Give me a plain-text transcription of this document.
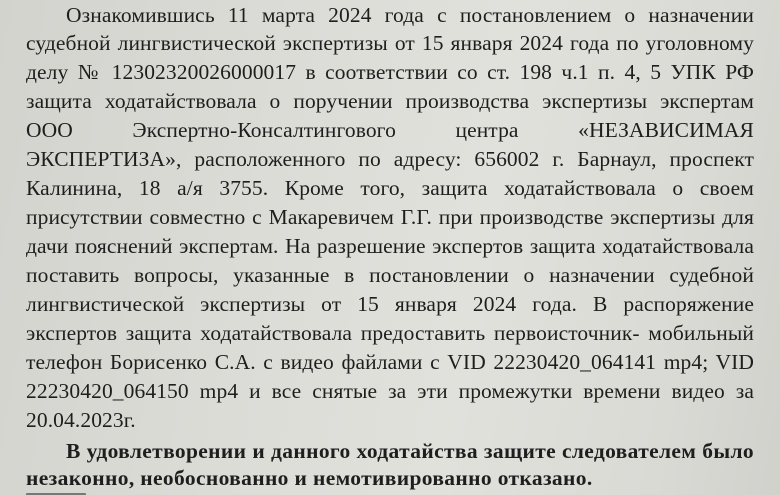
Ознакомившись 11 марта 2024 года с постановлением о назначении
судебной лингвистической экспертизы от 15 января 2024 года по уголовному
делу № 12302320026000017 в соответствии со ст. 198 ч.1 п. 4, 5 УПК РФ
защита ходатайствовала о поручении производства экспертизы экспертам
ООО Экспертно-Консалтингового центра «НЕЗАВИСИМАЯ
ЭКСПЕРТИЗА», расположенного по адресу: 656002 г. Барнаул, проспект
Калинина, 18 а/я 3755. Кроме того, защита ходатайствовала о своем
присутствии совместно с Макаревичем Г.Г. при производстве экспертизы для
дачи пояснений экспертам. На разрешение экспертов защита ходатайствовала
поставить вопросы, указанные в постановлении о назначении судебной
лингвистической экспертизы от 15 января 2024 года. В распоряжение
экспертов защита ходатайствовала предоставить первоисточник- мобильный
телефон Борисенко С.А. с видео файлами с VID 22230420_064141 mp4; VID
22230420_064150 mp4 и все снятые за эти промежутки времени видео за
20.04.2023г.
В удовлетворении и данного ходатайства защите следователем было
незаконно, необоснованно и немотивированно отказано.
